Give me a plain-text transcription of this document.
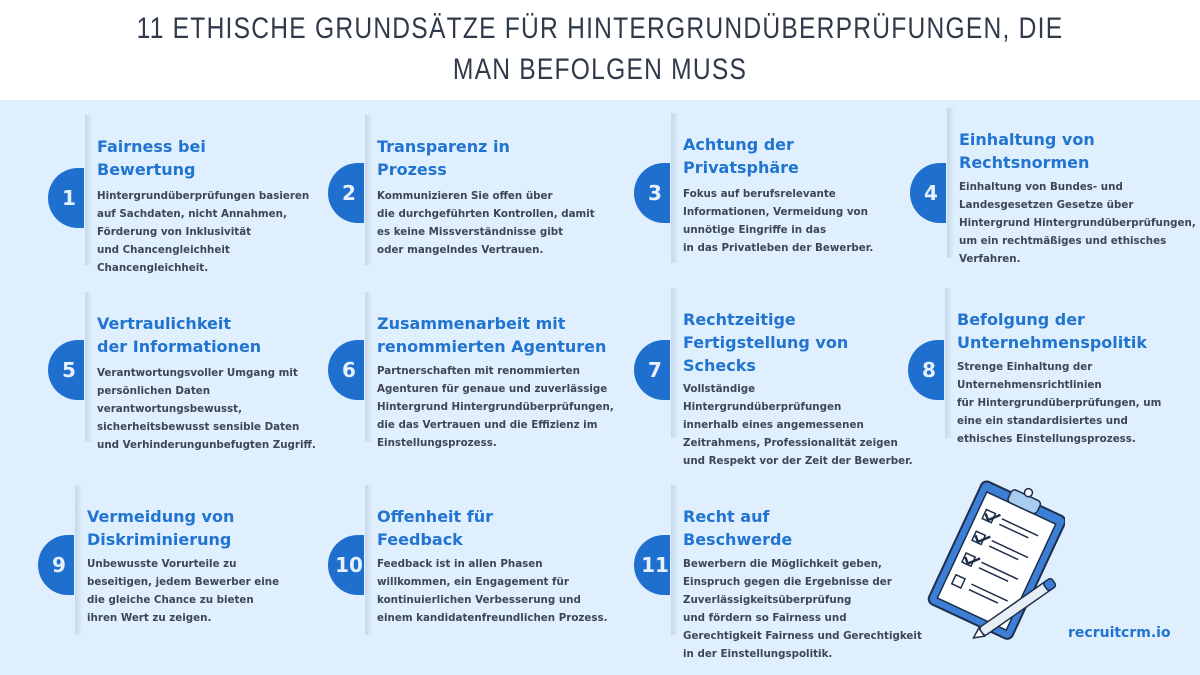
11 ETHISCHE GRUNDSÄTZE FÜR HINTERGRUNDÜBERPRÜFUNGEN, DIE MAN BEFOLGEN MUSS
1
Fairness bei
Bewertung
Hintergrundüberprüfungen basieren
auf Sachdaten, nicht Annahmen,
Förderung von Inklusivität
und Chancengleichheit
Chancengleichheit.
2
Transparenz in
Prozess
Kommunizieren Sie offen über
die durchgeführten Kontrollen, damit
es keine Missverständnisse gibt
oder mangelndes Vertrauen.
3
Achtung der
Privatsphäre
Fokus auf berufsrelevante
Informationen, Vermeidung von
unnötige Eingriffe in das
in das Privatleben der Bewerber.
4
Einhaltung von
Rechtsnormen
Einhaltung von Bundes- und
Landesgesetzen Gesetze über
Hintergrund Hintergrundüberprüfungen,
um ein rechtmäßiges und ethisches
Verfahren.
5
Vertraulichkeit
der Informationen
Verantwortungsvoller Umgang mit
persönlichen Daten
verantwortungsbewusst,
sicherheitsbewusst sensible Daten
und Verhinderungunbefugten Zugriff.
6
Zusammenarbeit mit
renommierten Agenturen
Partnerschaften mit renommierten
Agenturen für genaue und zuverlässige
Hintergrund Hintergrundüberprüfungen,
die das Vertrauen und die Effizienz im
Einstellungsprozess.
7
Rechtzeitige
Fertigstellung von
Schecks
Vollständige
Hintergrundüberprüfungen
innerhalb eines angemessenen
Zeitrahmens, Professionalität zeigen
und Respekt vor der Zeit der Bewerber.
8
Befolgung der
Unternehmenspolitik
Strenge Einhaltung der
Unternehmensrichtlinien
für Hintergrundüberprüfungen, um
eine ein standardisiertes und
ethisches Einstellungsprozess.
9
Vermeidung von
Diskriminierung
Unbewusste Vorurteile zu
beseitigen, jedem Bewerber eine
die gleiche Chance zu bieten
ihren Wert zu zeigen.
10
Offenheit für
Feedback
Feedback ist in allen Phasen
willkommen, ein Engagement für
kontinuierlichen Verbesserung und
einem kandidatenfreundlichen Prozess.
11
Recht auf
Beschwerde
Bewerbern die Möglichkeit geben,
Einspruch gegen die Ergebnisse der
Zuverlässigkeitsüberprüfung
und fördern so Fairness und
Gerechtigkeit Fairness und Gerechtigkeit
in der Einstellungspolitik.
recruitcrm.io
